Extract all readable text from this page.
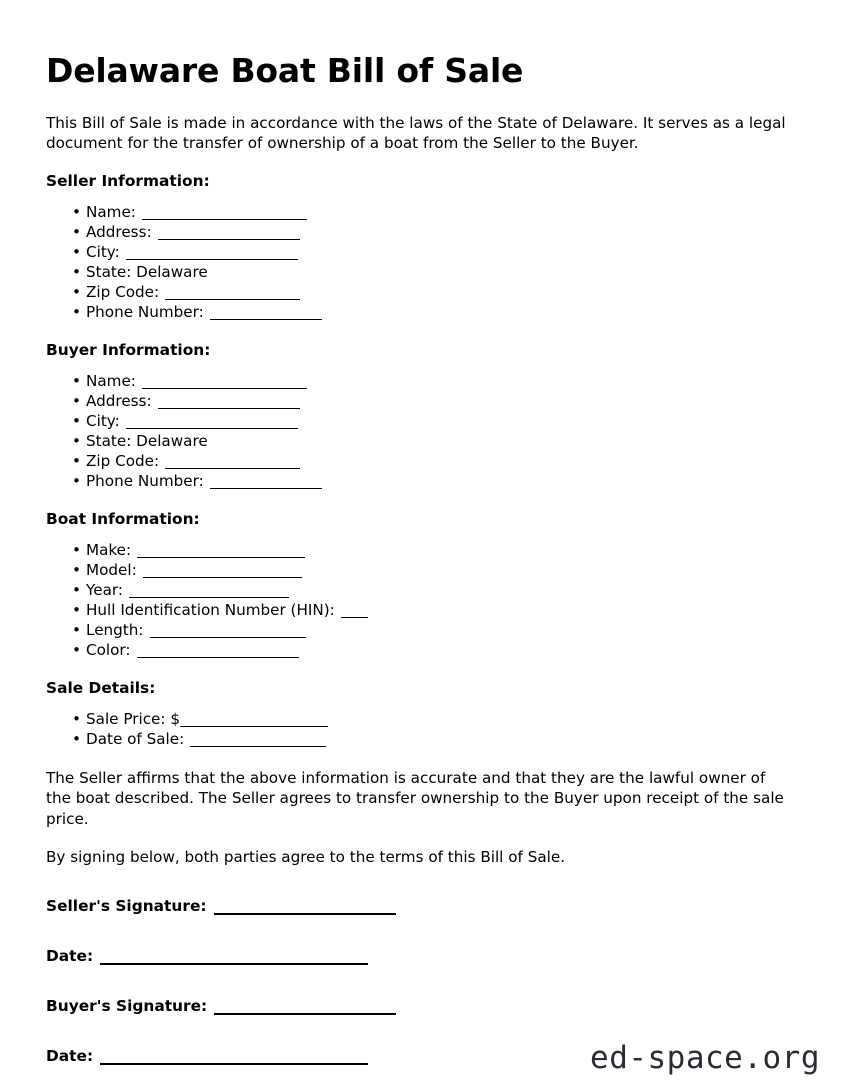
Delaware Boat Bill of Sale

This Bill of Sale is made in accordance with the laws of the State of Delaware. It serves as a legal document for the transfer of ownership of a boat from the Seller to the Buyer.

Seller Information:
• Name:
• Address:
• City:
• State: Delaware
• Zip Code:
• Phone Number:
Buyer Information:
• Name:
• Address:
• City:
• State: Delaware
• Zip Code:
• Phone Number:
Boat Information:
• Make:
• Model:
• Year:
• Hull Identification Number (HIN):
• Length:
• Color:
Sale Details:
• Sale Price: $
• Date of Sale:

The Seller affirms that the above information is accurate and that they are the lawful owner of the boat described. The Seller agrees to transfer ownership to the Buyer upon receipt of the sale price.

By signing below, both parties agree to the terms of this Bill of Sale.

Seller's Signature:
Date:
Buyer's Signature:
Date:	ed-space.org
